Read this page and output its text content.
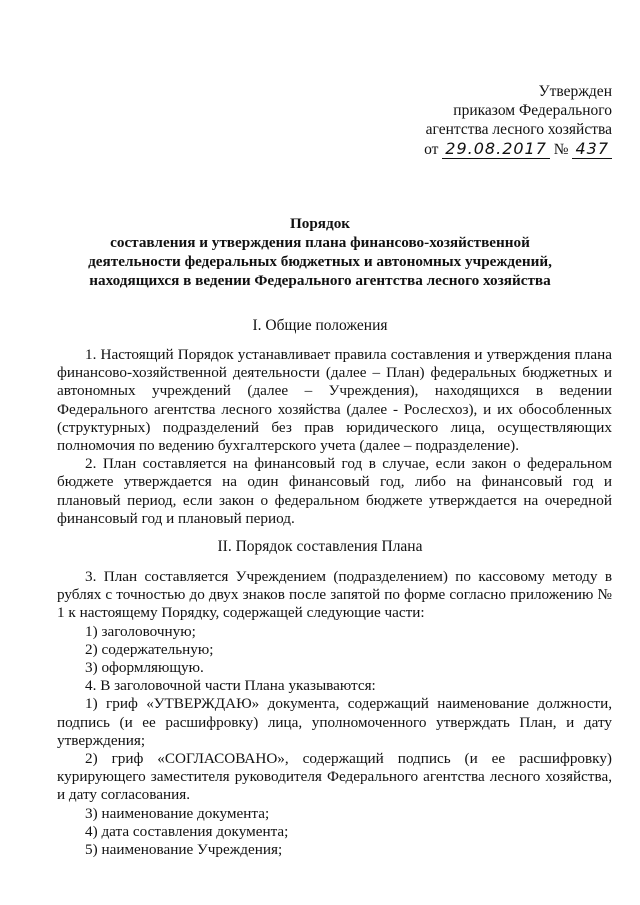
Утвержден
приказом Федерального
агентства лесного хозяйства
от 29.08.2017 № 437
Порядок
составления и утверждения плана финансово-хозяйственной
деятельности федеральных бюджетных и автономных учреждений,
находящихся в ведении Федерального агентства лесного хозяйства
I. Общие положения

1. Настоящий Порядок устанавливает правила составления и утверждения плана финансово-хозяйственной деятельности (далее – План) федеральных бюджетных и автономных учреждений (далее – Учреждения), находящихся в ведении Федерального агентства лесного хозяйства (далее - Рослесхоз), и их обособленных (структурных) подразделений без прав юридического лица, осуществляющих полномочия по ведению бухгалтерского учета (далее – подразделение).

2. План составляется на финансовый год в случае, если закон о федеральном бюджете утверждается на один финансовый год, либо на финансовый год и плановый период, если закон о федеральном бюджете утверждается на очередной финансовый год и плановый период.

II. Порядок составления Плана

3. План составляется Учреждением (подразделением) по кассовому методу в рублях с точностью до двух знаков после запятой по форме согласно приложению № 1 к настоящему Порядку, содержащей следующие части:

1) заголовочную;

2) содержательную;

3) оформляющую.

4. В заголовочной части Плана указываются:

1) гриф «УТВЕРЖДАЮ» документа, содержащий наименование должности, подпись (и ее расшифровку) лица, уполномоченного утверждать План, и дату утверждения;

2) гриф «СОГЛАСОВАНО», содержащий подпись (и ее расшифровку) курирующего заместителя руководителя Федерального агентства лесного хозяйства, и дату согласования.

3) наименование документа;

4) дата составления документа;

5) наименование Учреждения;
